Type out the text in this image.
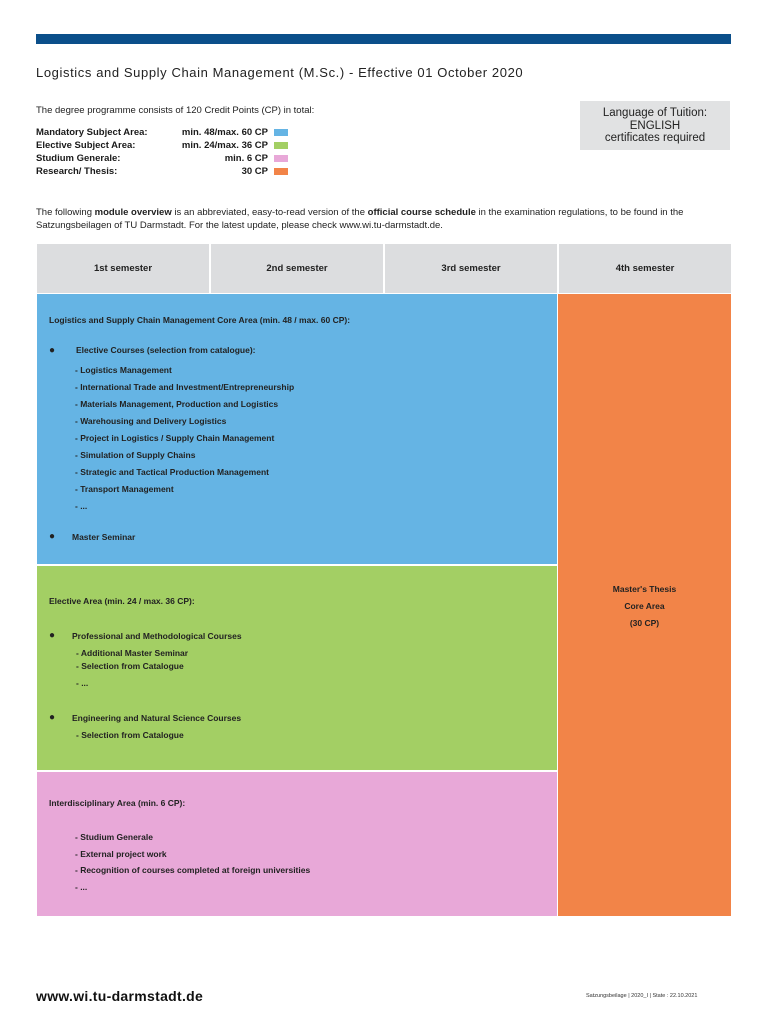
Logistics and Supply Chain Management (M.Sc.) - Effective 01 October 2020
The degree programme consists of 120 Credit Points (CP) in total:
Mandatory Subject Area:	min. 48/max. 60 CP
Elective Subject Area:	min. 24/max. 36 CP
Studium Generale:	min. 6 CP
Research/ Thesis:	30 CP
Language of Tuition:
ENGLISH
certificates required
The following module overview is an abbreviated, easy-to-read version of the official course schedule in the examination regulations, to be found in the Satzungsbeilagen of TU Darmstadt. For the latest update, please check www.wi.tu-darmstadt.de.
1st semester	2nd semester	3rd semester	4th semester
Logistics and Supply Chain Management Core Area (min. 48 / max. 60 CP):
● Elective Courses (selection from catalogue):
- Logistics Management
- International Trade and Investment/Entrepreneurship
- Materials Management, Production and Logistics
- Warehousing and Delivery Logistics
- Project in Logistics / Supply Chain Management
- Simulation of Supply Chains
- Strategic and Tactical Production Management
- Transport Management
- ...
● Master Seminar
Elective Area (min. 24 / max. 36 CP):
● Professional and Methodological Courses
- Additional Master Seminar
- Selection from Catalogue
- ...
● Engineering and Natural Science Courses
- Selection from Catalogue
Interdisciplinary Area (min. 6 CP):
- Studium Generale
- External project work
- Recognition of courses completed at foreign universities
- ...
Master's Thesis
Core Area
(30 CP)
www.wi.tu-darmstadt.de	Satzungsbeilage | 2020_I | State : 22.10.2021
